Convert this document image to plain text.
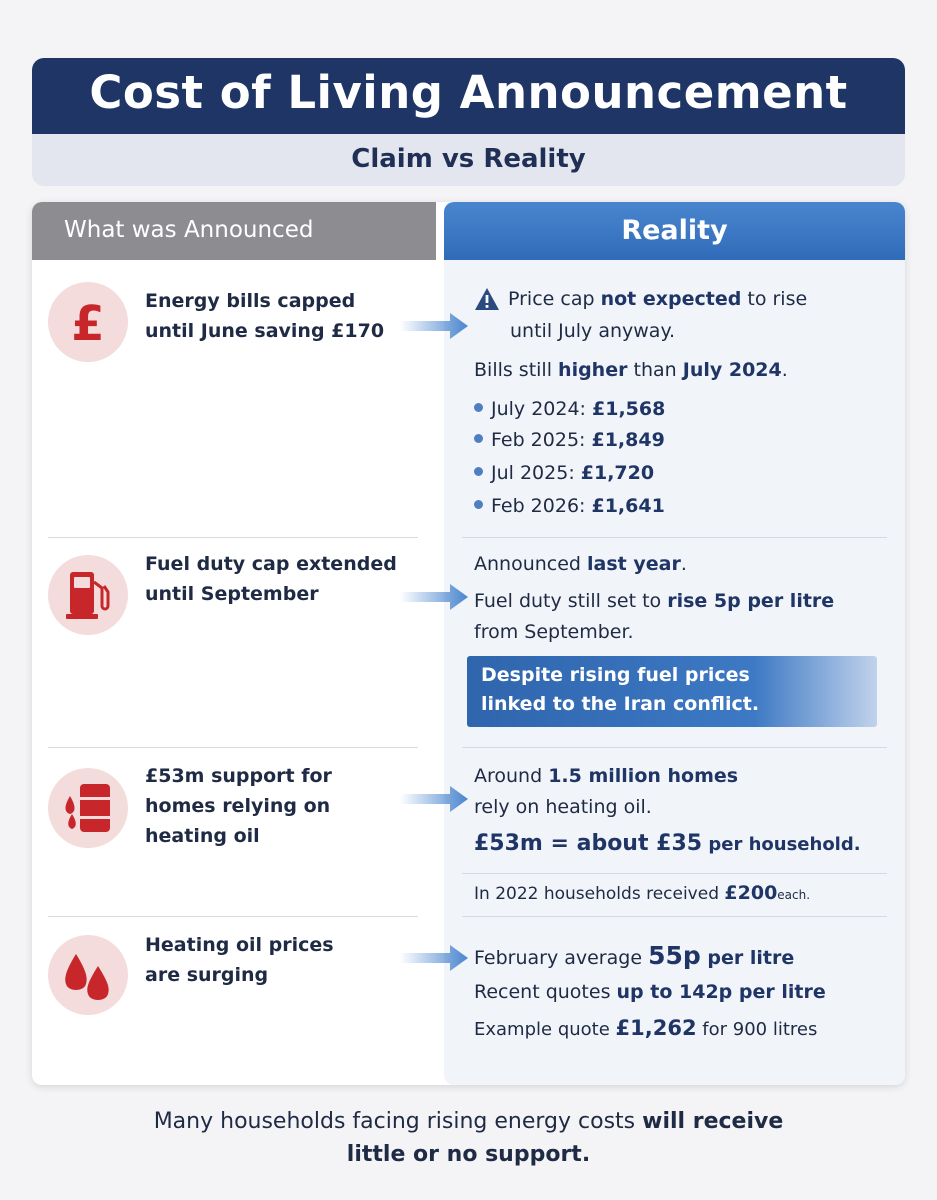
Cost of Living Announcement
Claim vs Reality
What was Announced	Reality
£ Energy bills capped
until June saving £170
Price cap not expected to rise
until July anyway.
Bills still higher than July 2024.
July 2024: £1,568
Feb 2025: £1,849
Jul 2025: £1,720
Feb 2026: £1,641
Fuel duty cap extended
until September
Announced last year.
Fuel duty still set to rise 5p per litre
from September.
Despite rising fuel prices
linked to the Iran conflict.
£53m support for
homes relying on
heating oil
Around 1.5 million homes
rely on heating oil.
£53m = about £35 per household.
In 2022 households received £200each.
Heating oil prices
are surging
February average 55p per litre
Recent quotes up to 142p per litre
Example quote £1,262 for 900 litres
Many households facing rising energy costs will receive
little or no support.
